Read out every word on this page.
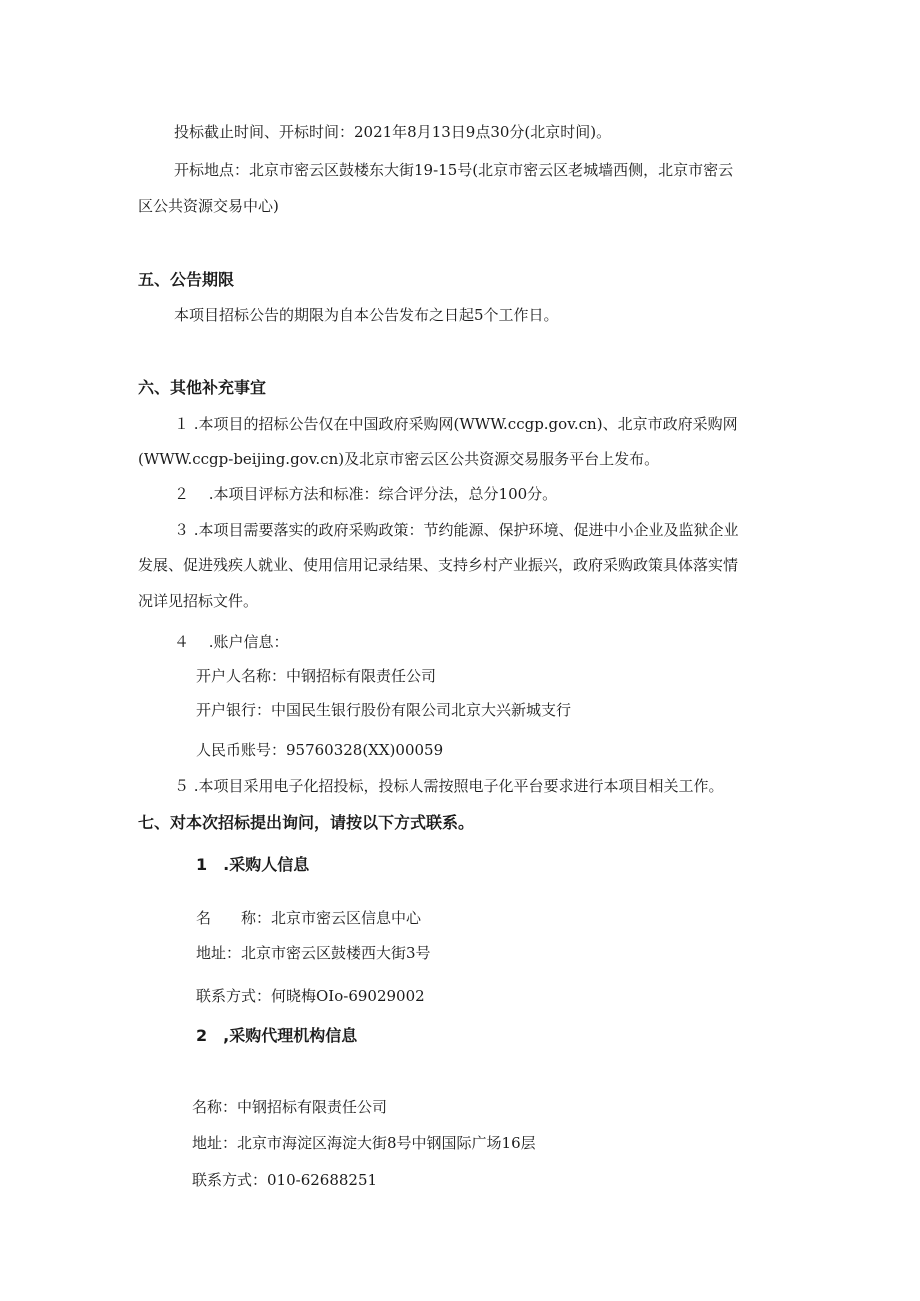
投标截止时间、开标时间：2021年8月13日9点30分(北京时间)。
开标地点：北京市密云区鼓楼东大街19-15号(北京市密云区老城墙西侧，北京市密云
区公共资源交易中心)
五、公告期限
本项目招标公告的期限为自本公告发布之日起5个工作日。
六、其他补充事宜
１ .本项目的招标公告仅在中国政府采购网(WWW.ccgp.gov.cn)、北京市政府采购网
(WWW.ccgp-beijing.gov.cn)及北京市密云区公共资源交易服务平台上发布。
２　 .本项目评标方法和标准：综合评分法，总分100分。
３ .本项目需要落实的政府采购政策：节约能源、保护环境、促进中小企业及监狱企业
发展、促进残疾人就业、使用信用记录结果、支持乡村产业振兴，政府采购政策具体落实情
况详见招标文件。
４　 .账户信息：
开户人名称：中钢招标有限责任公司
开户银行：中国民生银行股份有限公司北京大兴新城支行
人民币账号：95760328(XX)00059
５ .本项目采用电子化招投标，投标人需按照电子化平台要求进行本项目相关工作。
七、对本次招标提出询问，请按以下方式联系。
1　.采购人信息
名　　称：北京市密云区信息中心
地址：北京市密云区鼓楼西大街3号
联系方式：何晓梅OIo-69029002
2　,采购代理机构信息
名称：中钢招标有限责任公司
地址：北京市海淀区海淀大街8号中钢国际广场16层
联系方式：010-62688251
